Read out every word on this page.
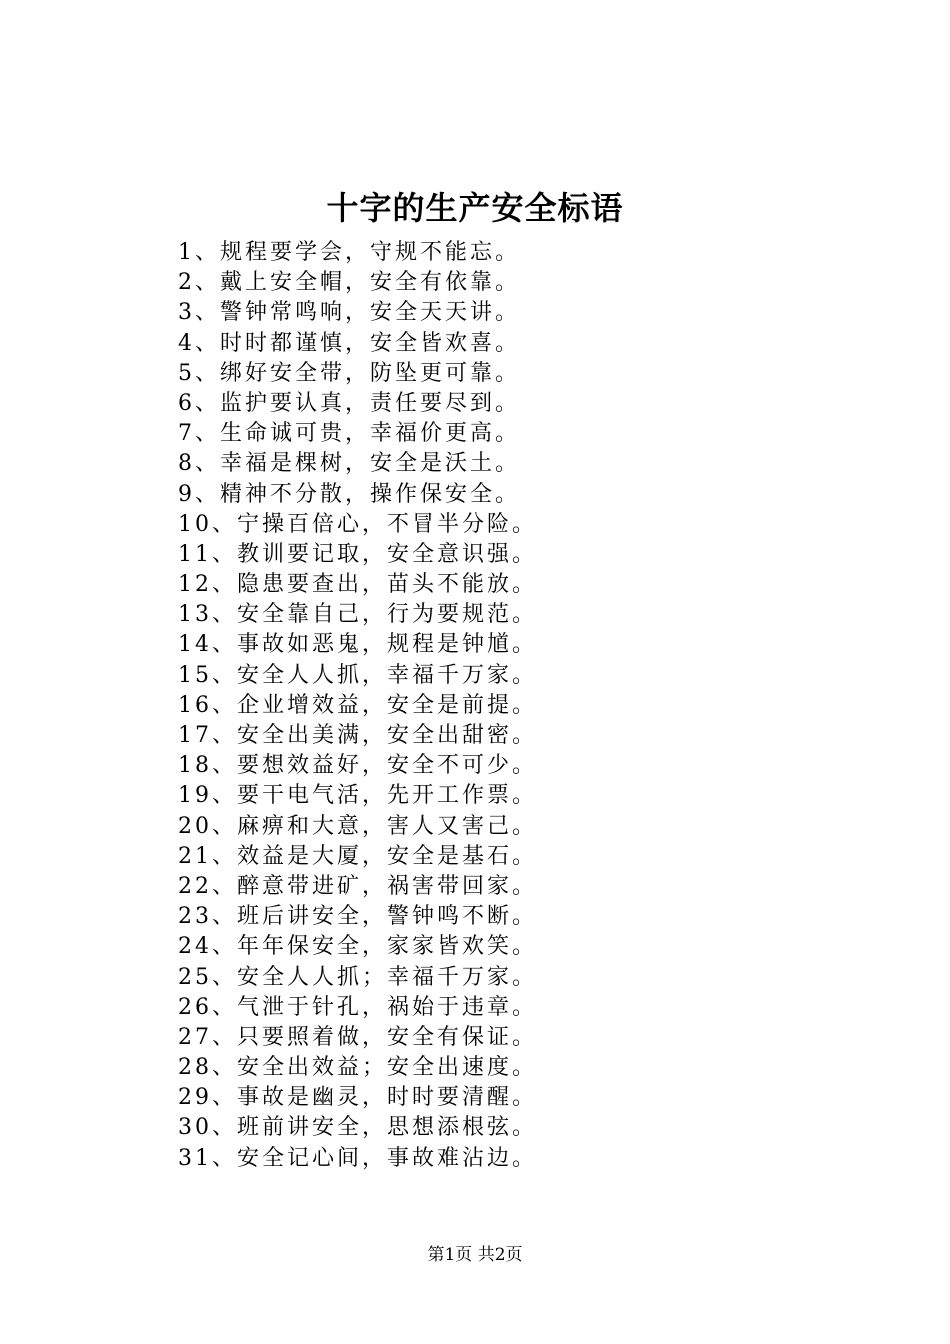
十字的生产安全标语
1、规程要学会，守规不能忘。
2、戴上安全帽，安全有依靠。
3、警钟常鸣响，安全天天讲。
4、时时都谨慎，安全皆欢喜。
5、绑好安全带，防坠更可靠。
6、监护要认真，责任要尽到。
7、生命诚可贵，幸福价更高。
8、幸福是棵树，安全是沃土。
9、精神不分散，操作保安全。
10、宁操百倍心，不冒半分险。
11、教训要记取，安全意识强。
12、隐患要查出，苗头不能放。
13、安全靠自己，行为要规范。
14、事故如恶鬼，规程是钟馗。
15、安全人人抓，幸福千万家。
16、企业增效益，安全是前提。
17、安全出美满，安全出甜密。
18、要想效益好，安全不可少。
19、要干电气活，先开工作票。
20、麻痹和大意，害人又害己。
21、效益是大厦，安全是基石。
22、醉意带进矿，祸害带回家。
23、班后讲安全，警钟鸣不断。
24、年年保安全，家家皆欢笑。
25、安全人人抓；幸福千万家。
26、气泄于针孔，祸始于违章。
27、只要照着做，安全有保证。
28、安全出效益；安全出速度。
29、事故是幽灵，时时要清醒。
30、班前讲安全，思想添根弦。
31、安全记心间，事故难沾边。
第1页 共2页
